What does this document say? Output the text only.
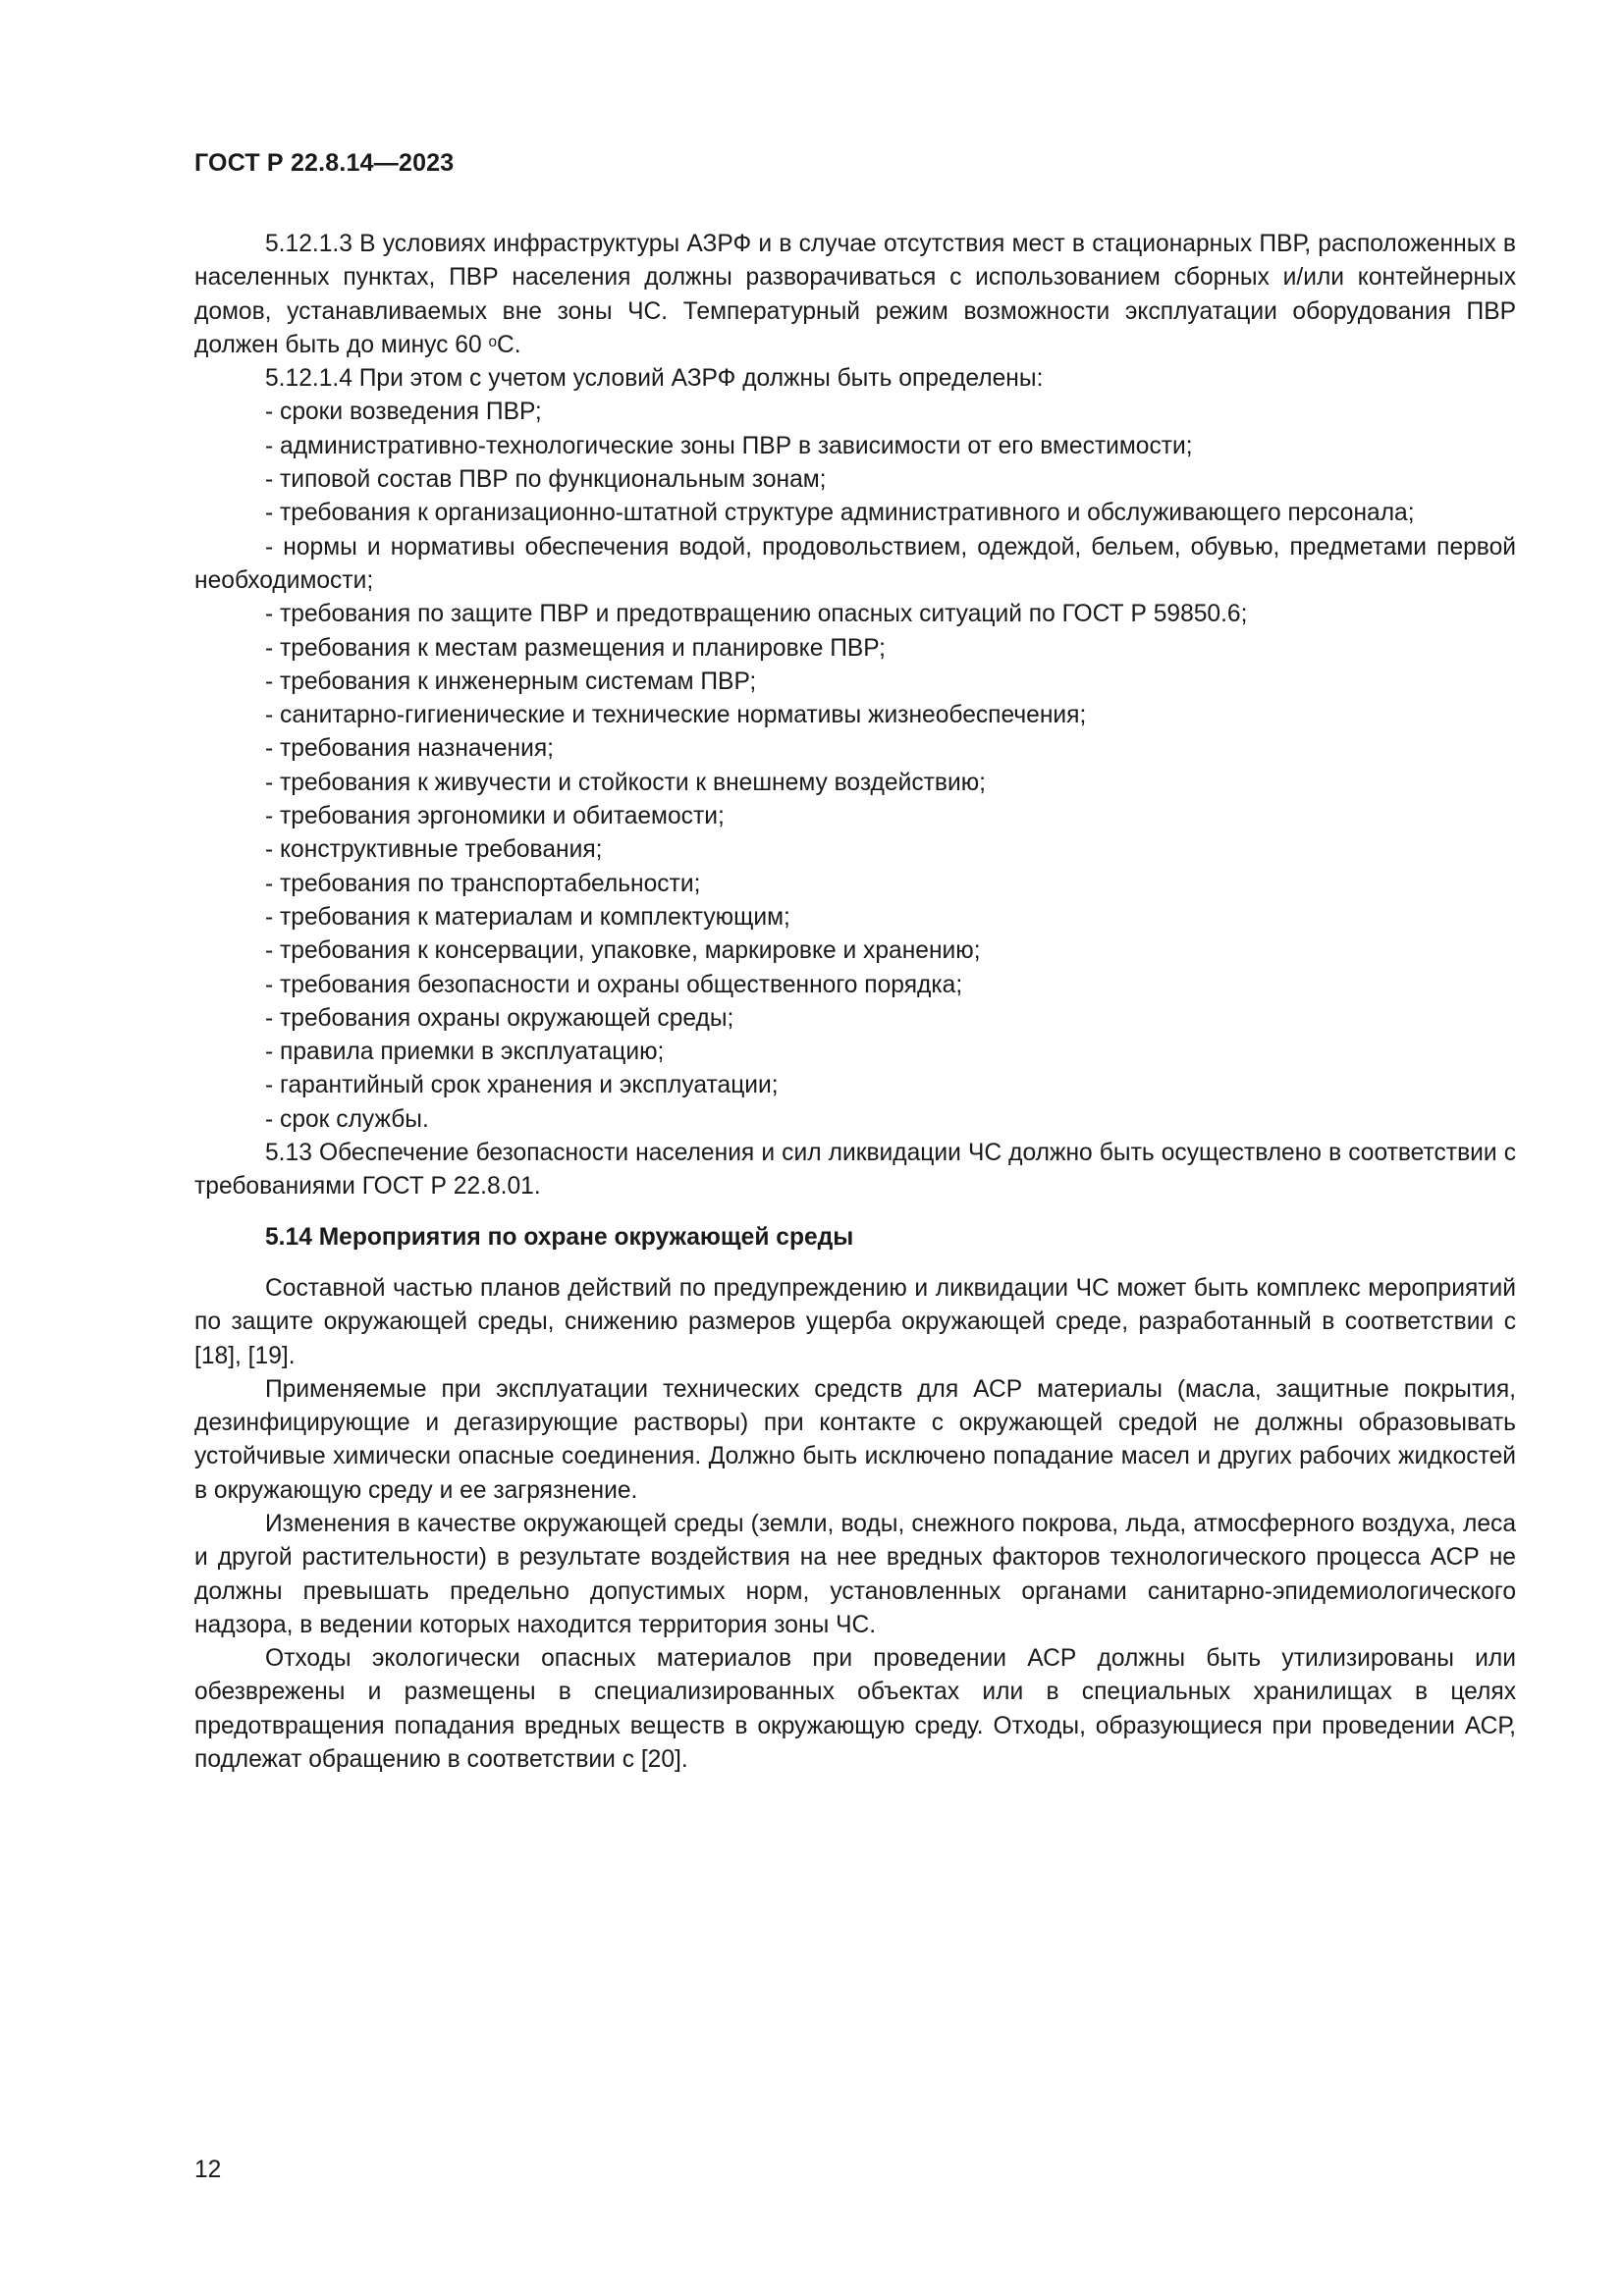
ГОСТ Р 22.8.14—2023

5.12.1.3 В условиях инфраструктуры АЗРФ и в случае отсутствия мест в стационарных ПВР, расположенных в населенных пунктах, ПВР населения должны разворачиваться с использованием сборных и/или контейнерных домов, устанавливаемых вне зоны ЧС. Температурный режим возможности эксплуатации оборудования ПВР должен быть до минус 60 $^о$С.

5.12.1.4 При этом с учетом условий АЗРФ должны быть определены:

- сроки возведения ПВР;

- административно-технологические зоны ПВР в зависимости от его вместимости;

- типовой состав ПВР по функциональным зонам;

- требования к организационно-штатной структуре административного и обслуживающего персонала;

- нормы и нормативы обеспечения водой, продовольствием, одеждой, бельем, обувью, предметами первой необходимости;

- требования по защите ПВР и предотвращению опасных ситуаций по ГОСТ Р 59850.6;

- требования к местам размещения и планировке ПВР;

- требования к инженерным системам ПВР;

- санитарно-гигиенические и технические нормативы жизнеобеспечения;

- требования назначения;

- требования к живучести и стойкости к внешнему воздействию;

- требования эргономики и обитаемости;

- конструктивные требования;

- требования по транспортабельности;

- требования к материалам и комплектующим;

- требования к консервации, упаковке, маркировке и хранению;

- требования безопасности и охраны общественного порядка;

- требования охраны окружающей среды;

- правила приемки в эксплуатацию;

- гарантийный срок хранения и эксплуатации;

- срок службы.

5.13 Обеспечение безопасности населения и сил ликвидации ЧС должно быть осуществлено в соответствии с требованиями ГОСТ Р 22.8.01.

5.14 Мероприятия по охране окружающей среды

Составной частью планов действий по предупреждению и ликвидации ЧС может быть комплекс мероприятий по защите окружающей среды, снижению размеров ущерба окружающей среде, разработанный в соответствии с [18], [19].

Применяемые при эксплуатации технических средств для АСР материалы (масла, защитные покрытия, дезинфицирующие и дегазирующие растворы) при контакте с окружающей средой не должны образовывать устойчивые химически опасные соединения. Должно быть исключено попадание масел и других рабочих жидкостей в окружающую среду и ее загрязнение.

Изменения в качестве окружающей среды (земли, воды, снежного покрова, льда, атмосферного воздуха, леса и другой растительности) в результате воздействия на нее вредных факторов технологического процесса АСР не должны превышать предельно допустимых норм, установленных органами санитарно-эпидемиологического надзора, в ведении которых находится территория зоны ЧС.

Отходы экологически опасных материалов при проведении АСР должны быть утилизированы или обезврежены и размещены в специализированных объектах или в специальных хранилищах в целях предотвращения попадания вредных веществ в окружающую среду. Отходы, образующиеся при проведении АСР, подлежат обращению в соответствии с [20].

12
